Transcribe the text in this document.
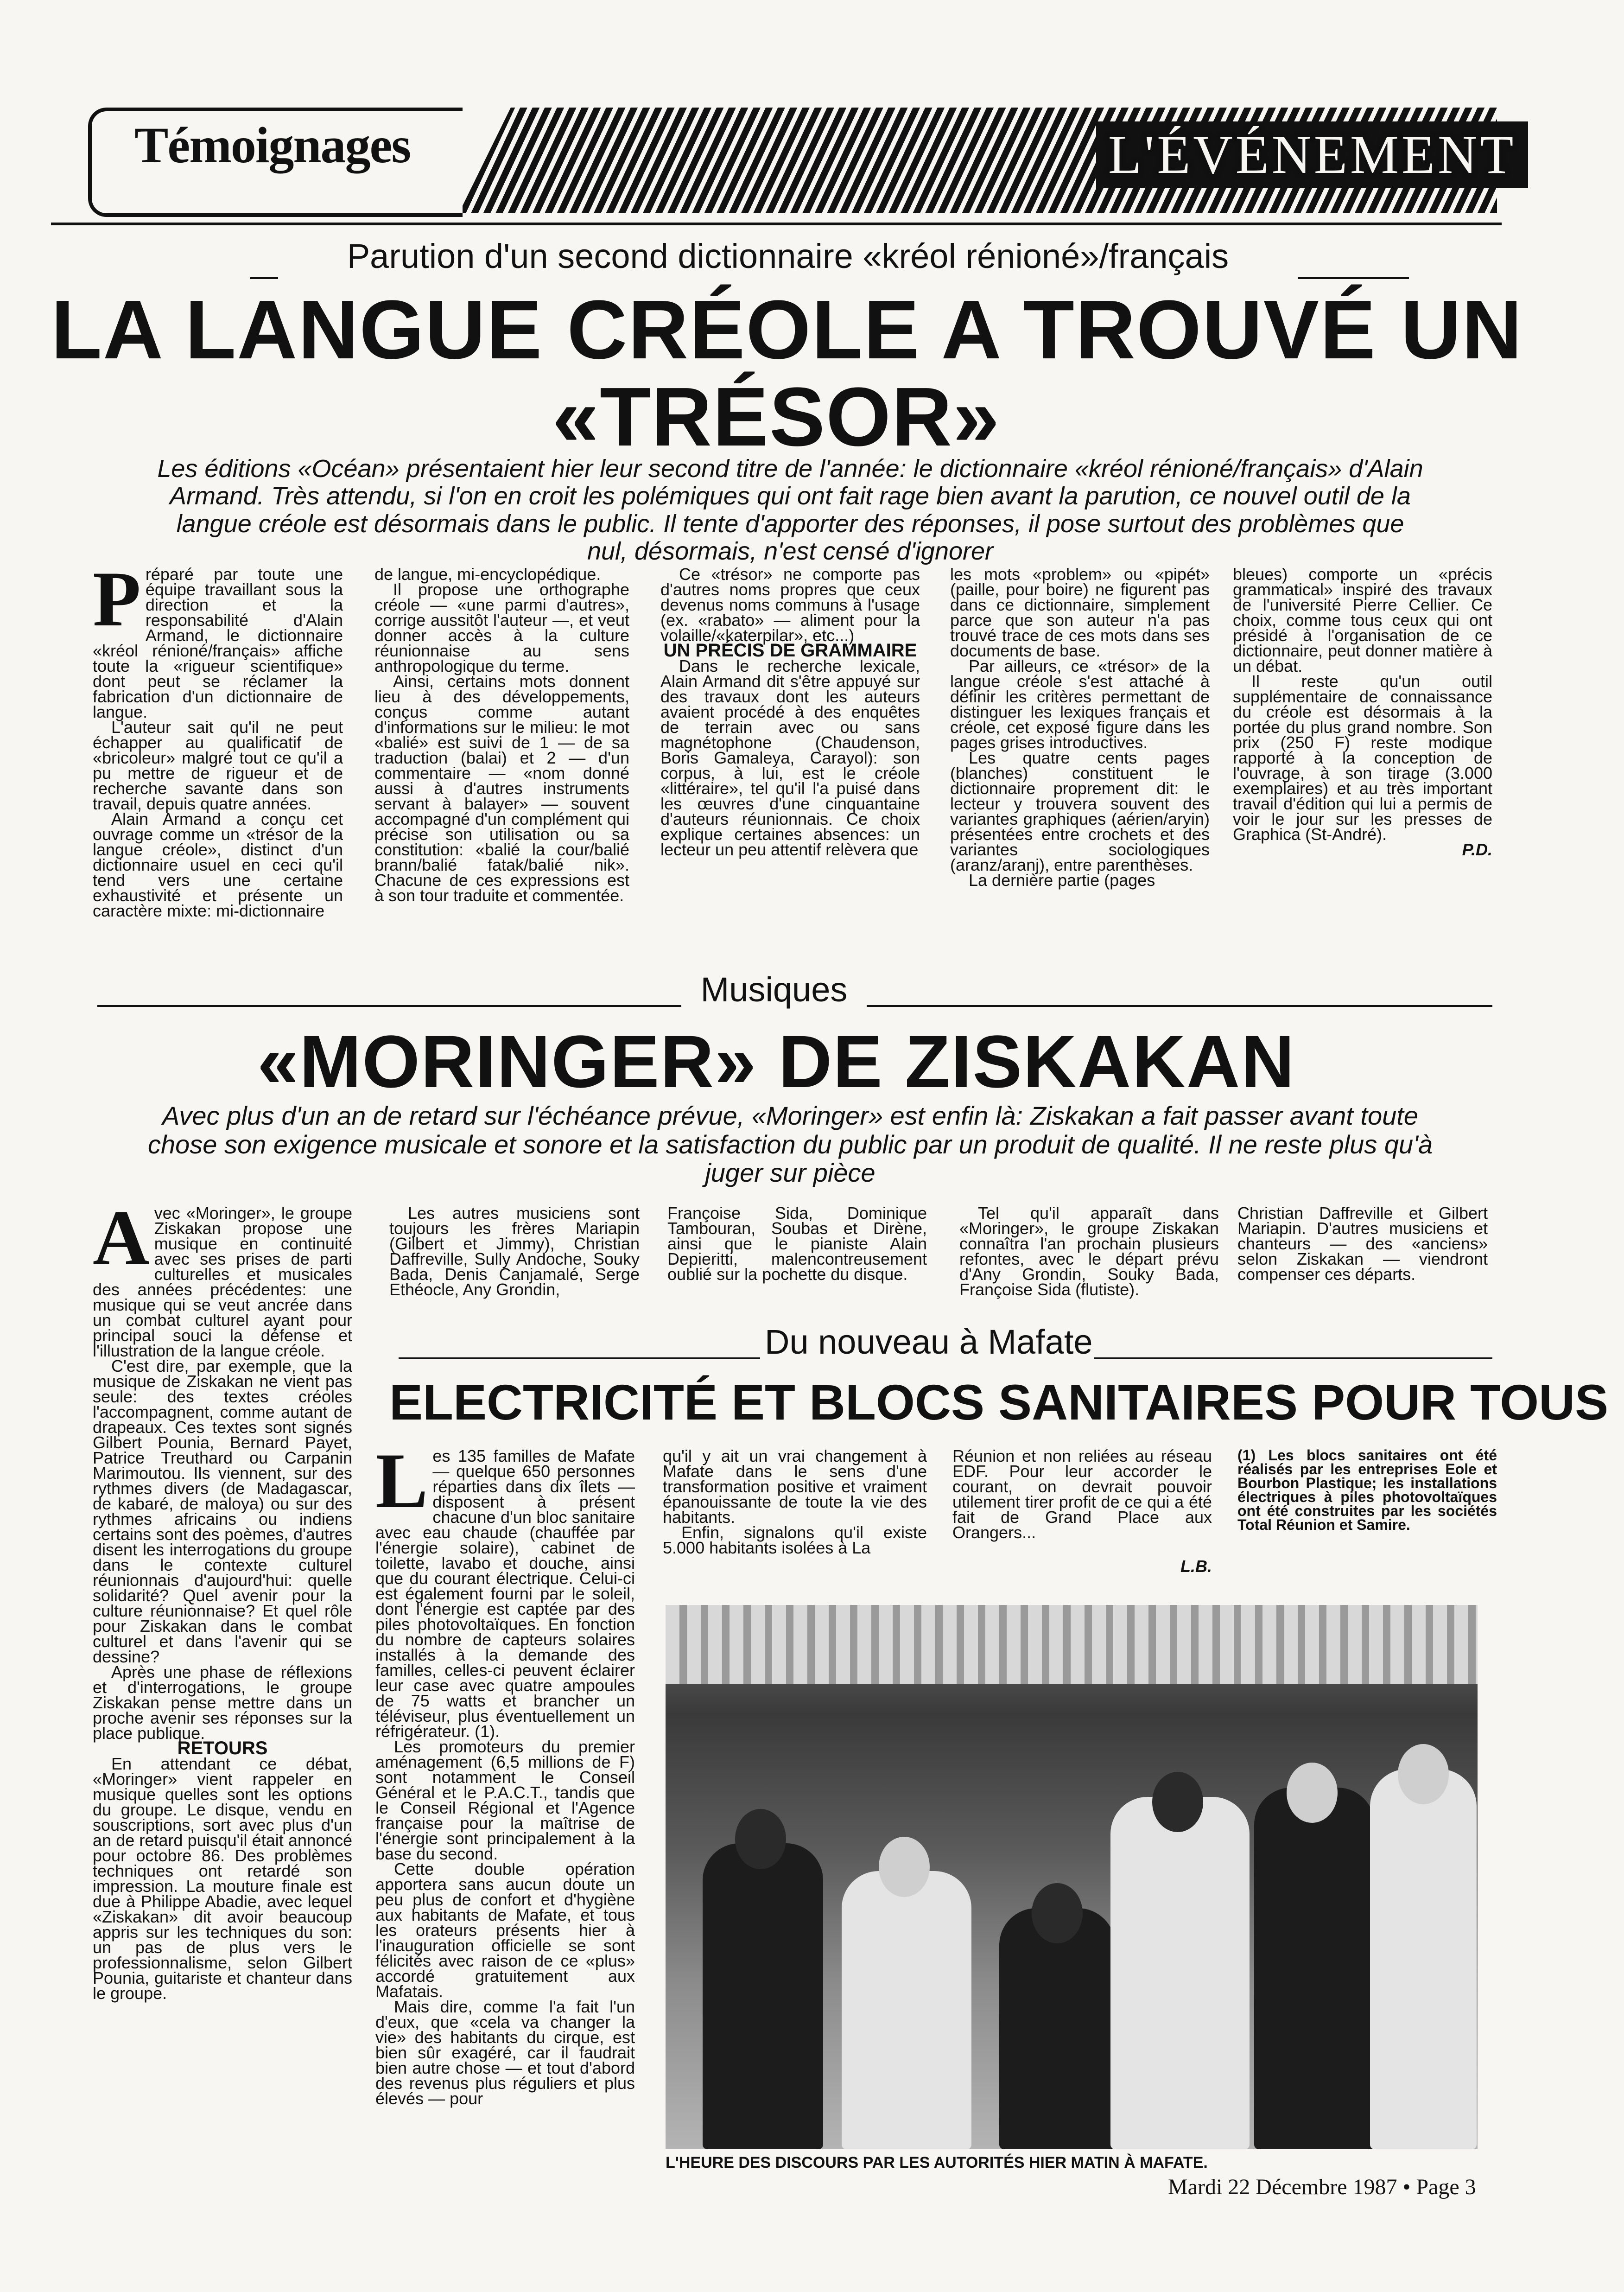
Témoignages	L'ÉVÉNEMENT
Parution d'un second dictionnaire «kréol rénioné»/français
LA LANGUE CRÉOLE A TROUVÉ UN
«TRÉSOR»
Les éditions «Océan» présentaient hier leur second titre de l'année: le dictionnaire «kréol rénioné/français» d'Alain Armand. Très attendu, si l'on en croit les polémiques qui ont fait rage bien avant la parution, ce nouvel outil de la langue créole est désormais dans le public. Il tente d'apporter des réponses, il pose surtout des problèmes que nul, désormais, n'est censé d'ignorer
P réparé par toute une équipe travaillant sous la direction et la responsabilité d'Alain Armand, le dictionnaire «kréol rénioné/français» affiche toute la «rigueur scientifique» dont peut se réclamer la fabrication d'un dictionnaire de langue.

L'auteur sait qu'il ne peut échapper au qualificatif de «bricoleur» malgré tout ce qu'il a pu mettre de rigueur et de recherche savante dans son travail, depuis quatre années.

Alain Armand a conçu cet ouvrage comme un «trésor de la langue créole», distinct d'un dictionnaire usuel en ceci qu'il tend vers une certaine exhaustivité et présente un caractère mixte: mi-dictionnaire

de langue, mi-encyclopédique.

Il propose une orthographe créole — «une parmi d'autres», corrige aussitôt l'auteur —, et veut donner accès à la culture réunionnaise au sens anthropologique du terme.

Ainsi, certains mots donnent lieu à des développements, conçus comme autant d'informations sur le milieu: le mot «balié» est suivi de 1 — de sa traduction (balai) et 2 — d'un commentaire — «nom donné aussi à d'autres instruments servant à balayer» — souvent accompagné d'un complément qui précise son utilisation ou sa constitution: «balié la cour/balié brann/balié fatak/balié nik». Chacune de ces expressions est à son tour traduite et commentée.

Ce «trésor» ne comporte pas d'autres noms propres que ceux devenus noms communs à l'usage (ex. «rabato» — aliment pour la volaille/«katerpilar», etc...)

UN PRÉCIS DE GRAMMAIRE

Dans le recherche lexicale, Alain Armand dit s'être appuyé sur des travaux dont les auteurs avaient procédé à des enquêtes de terrain avec ou sans magnétophone (Chaudenson, Boris Gamaleya, Carayol): son corpus, à lui, est le créole «littéraire», tel qu'il l'a puisé dans les œuvres d'une cinquantaine d'auteurs réunionnais. Ce choix explique certaines absences: un lecteur un peu attentif relèvera que

les mots «problem» ou «pipét» (paille, pour boire) ne figurent pas dans ce dictionnaire, simplement parce que son auteur n'a pas trouvé trace de ces mots dans ses documents de base.

Par ailleurs, ce «trésor» de la langue créole s'est attaché à définir les critères permettant de distinguer les lexiques français et créole, cet exposé figure dans les pages grises introductives.

Les quatre cents pages (blanches) constituent le dictionnaire proprement dit: le lecteur y trouvera souvent des variantes graphiques (aérien/aryin) présentées entre crochets et des variantes sociologiques (aranz/aranj), entre parenthèses.

La dernière partie (pages

bleues) comporte un «précis grammatical» inspiré des travaux de l'université Pierre Cellier. Ce choix, comme tous ceux qui ont présidé à l'organisation de ce dictionnaire, peut donner matière à un débat.

Il reste qu'un outil supplémentaire de connaissance du créole est désormais à la portée du plus grand nombre. Son prix (250 F) reste modique rapporté à la conception de l'ouvrage, à son tirage (3.000 exemplaires) et au très important travail d'édition qui lui a permis de voir le jour sur les presses de Graphica (St-André).

P.D.

Musiques
«MORINGER» DE ZISKAKAN
Avec plus d'un an de retard sur l'échéance prévue, «Moringer» est enfin là: Ziskakan a fait passer avant toute chose son exigence musicale et sonore et la satisfaction du public par un produit de qualité. Il ne reste plus qu'à juger sur pièce
A vec «Moringer», le groupe Ziskakan propose une musique en continuité avec ses prises de parti culturelles et musicales des années précédentes: une musique qui se veut ancrée dans un combat culturel ayant pour principal souci la défense et l'illustration de la langue créole.

C'est dire, par exemple, que la musique de Ziskakan ne vient pas seule: des textes créoles l'accompagnent, comme autant de drapeaux. Ces textes sont signés Gilbert Pounia, Bernard Payet, Patrice Treuthard ou Carpanin Marimoutou. Ils viennent, sur des rythmes divers (de Madagascar, de kabaré, de maloya) ou sur des rythmes africains ou indiens certains sont des poèmes, d'autres disent les interrogations du groupe dans le contexte culturel réunionnais d'aujourd'hui: quelle solidarité? Quel avenir pour la culture réunionnaise? Et quel rôle pour Ziskakan dans le combat culturel et dans l'avenir qui se dessine?

Après une phase de réflexions et d'interrogations, le groupe Ziskakan pense mettre dans un proche avenir ses réponses sur la place publique.

RETOURS

En attendant ce débat, «Moringer» vient rappeler en musique quelles sont les options du groupe. Le disque, vendu en souscriptions, sort avec plus d'un an de retard puisqu'il était annoncé pour octobre 86. Des problèmes techniques ont retardé son impression. La mouture finale est due à Philippe Abadie, avec lequel «Ziskakan» dit avoir beaucoup appris sur les techniques du son: un pas de plus vers le professionnalisme, selon Gilbert Pounia, guitariste et chanteur dans le groupe.

Les autres musiciens sont toujours les frères Mariapin (Gilbert et Jimmy), Christian Daffreville, Sully Andoche, Souky Bada, Denis Canjamalé, Serge Ethéocle, Any Grondin,

Françoise Sida, Dominique Tambouran, Soubas et Dirène, ainsi que le pianiste Alain Depieritti, malencontreusement oublié sur la pochette du disque.

Tel qu'il apparaît dans «Moringer», le groupe Ziskakan connaîtra l'an prochain plusieurs refontes, avec le départ prévu d'Any Grondin, Souky Bada, Françoise Sida (flutiste).

Christian Daffreville et Gilbert Mariapin. D'autres musiciens et chanteurs — des «anciens» selon Ziskakan — viendront compenser ces départs.

Du nouveau à Mafate
ELECTRICITÉ ET BLOCS SANITAIRES POUR TOUS
L es 135 familles de Mafate — quelque 650 personnes réparties dans dix îlets — disposent à présent chacune d'un bloc sanitaire avec eau chaude (chauffée par l'énergie solaire), cabinet de toilette, lavabo et douche, ainsi que du courant électrique. Celui-ci est également fourni par le soleil, dont l'énergie est captée par des piles photovoltaïques. En fonction du nombre de capteurs solaires installés à la demande des familles, celles-ci peuvent éclairer leur case avec quatre ampoules de 75 watts et brancher un téléviseur, plus éventuellement un réfrigérateur. (1).

Les promoteurs du premier aménagement (6,5 millions de F) sont notamment le Conseil Général et le P.A.C.T., tandis que le Conseil Régional et l'Agence française pour la maîtrise de l'énergie sont principalement à la base du second.

Cette double opération apportera sans aucun doute un peu plus de confort et d'hygiène aux habitants de Mafate, et tous les orateurs présents hier à l'inauguration officielle se sont félicités avec raison de ce «plus» accordé gratuitement aux Mafatais.

Mais dire, comme l'a fait l'un d'eux, que «cela va changer la vie» des habitants du cirque, est bien sûr exagéré, car il faudrait bien autre chose — et tout d'abord des revenus plus réguliers et plus élevés — pour

qu'il y ait un vrai changement à Mafate dans le sens d'une transformation positive et vraiment épanouissante de toute la vie des habitants.

Enfin, signalons qu'il existe 5.000 habitants isolées à La

Réunion et non reliées au réseau EDF. Pour leur accorder le courant, on devrait pouvoir utilement tirer profit de ce qui a été fait de Grand Place aux Orangers...

L.B.

(1) Les blocs sanitaires ont été réalisés par les entreprises Eole et Bourbon Plastique; les installations électriques à piles photovoltaïques ont été construites par les sociétés Total Réunion et Samire.

L'HEURE DES DISCOURS PAR LES AUTORITÉS HIER MATIN À MAFATE.
Mardi 22 Décembre 1987 • Page 3
